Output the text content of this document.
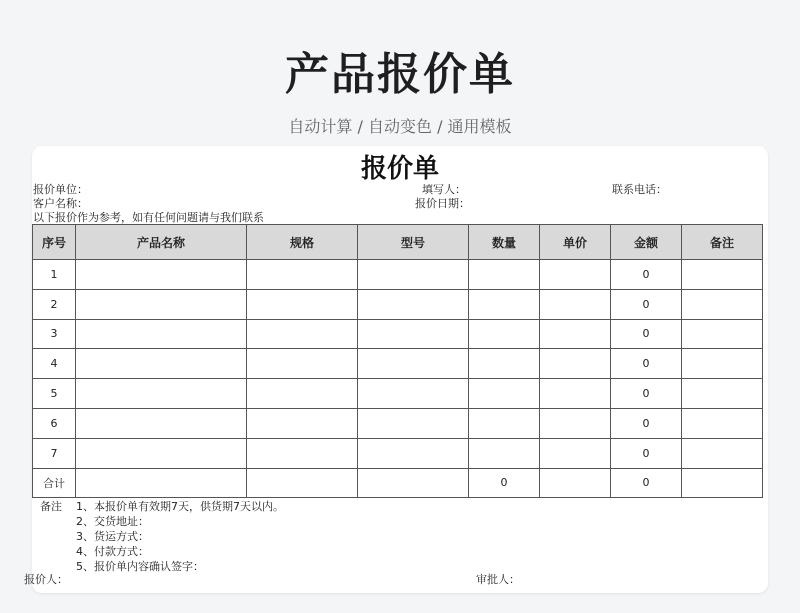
产品报价单
自动计算 / 自动变色 / 通用模板
报价单
报价单位：	填写人：	联系电话：
客户名称：	报价日期：
以下报价作为参考，如有任何问题请与我们联系
序号	产品名称	规格	型号	数量	单价	金额	备注
1						0	
2						0	
3						0	
4						0	
5						0	
6						0	
7						0	
合计				0		0	
备注 1、本报价单有效期7天，供货期7天以内。
2、交货地址：
3、货运方式：
4、付款方式：
5、报价单内容确认签字：
报价人：	审批人：
